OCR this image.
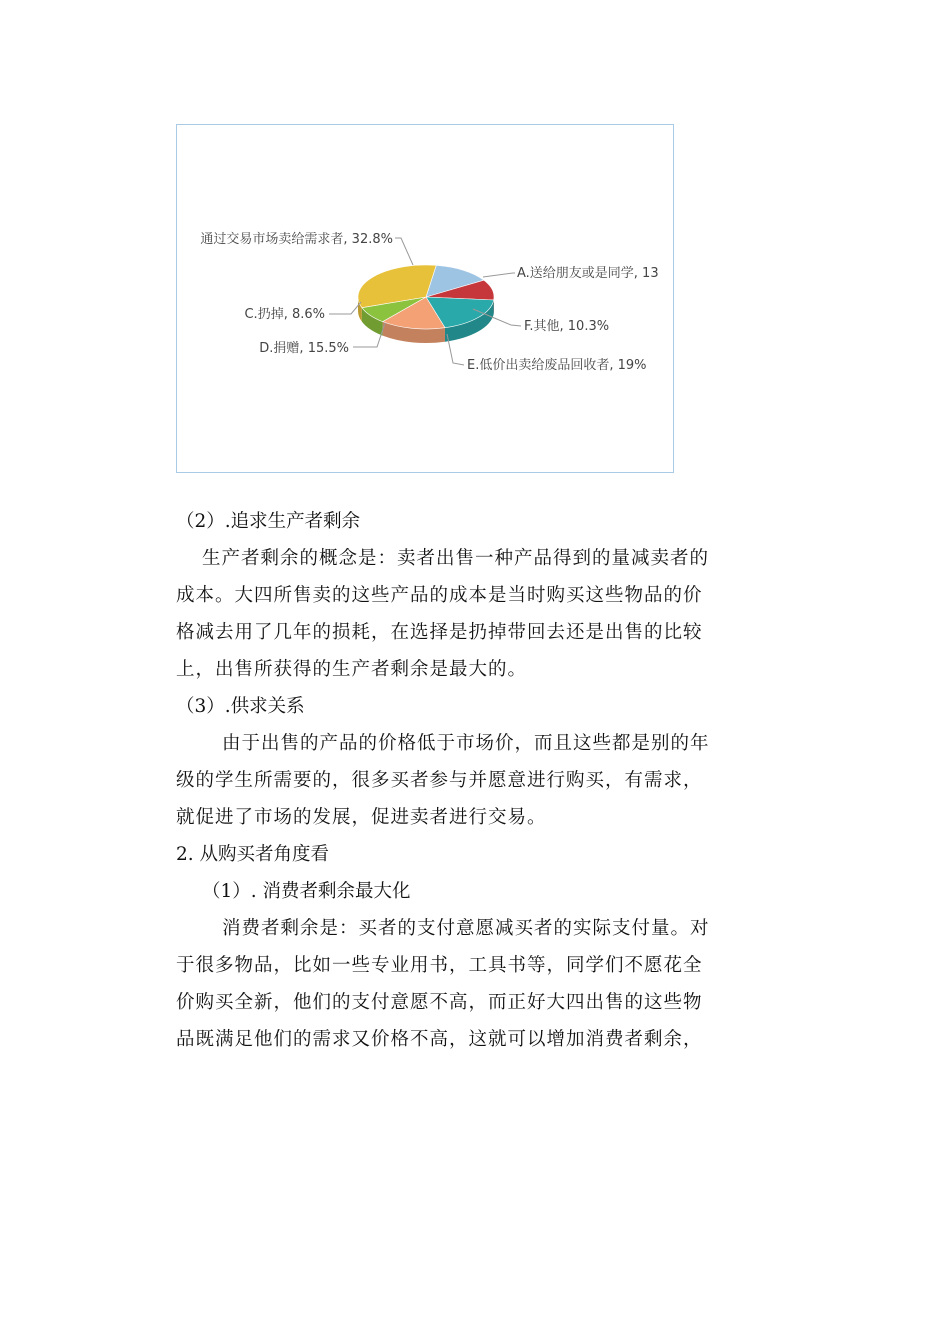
通过交易市场卖给需求者, 32.8%
A.送给朋友或是同学, 13
C.扔掉, 8.6%
F.其他, 10.3%
D.捐赠, 15.5%
E.低价出卖给废品回收者, 19%
（2）.追求生产者剩余
生产者剩余的概念是：卖者出售一种产品得到的量减卖者的
成本。大四所售卖的这些产品的成本是当时购买这些物品的价
格减去用了几年的损耗，在选择是扔掉带回去还是出售的比较
上，出售所获得的生产者剩余是最大的。
（3）.供求关系
由于出售的产品的价格低于市场价，而且这些都是别的年
级的学生所需要的，很多买者参与并愿意进行购买，有需求，
就促进了市场的发展，促进卖者进行交易。
2. 从购买者角度看
（1）. 消费者剩余最大化
消费者剩余是：买者的支付意愿减买者的实际支付量。对
于很多物品，比如一些专业用书，工具书等，同学们不愿花全
价购买全新，他们的支付意愿不高，而正好大四出售的这些物
品既满足他们的需求又价格不高，这就可以增加消费者剩余，
